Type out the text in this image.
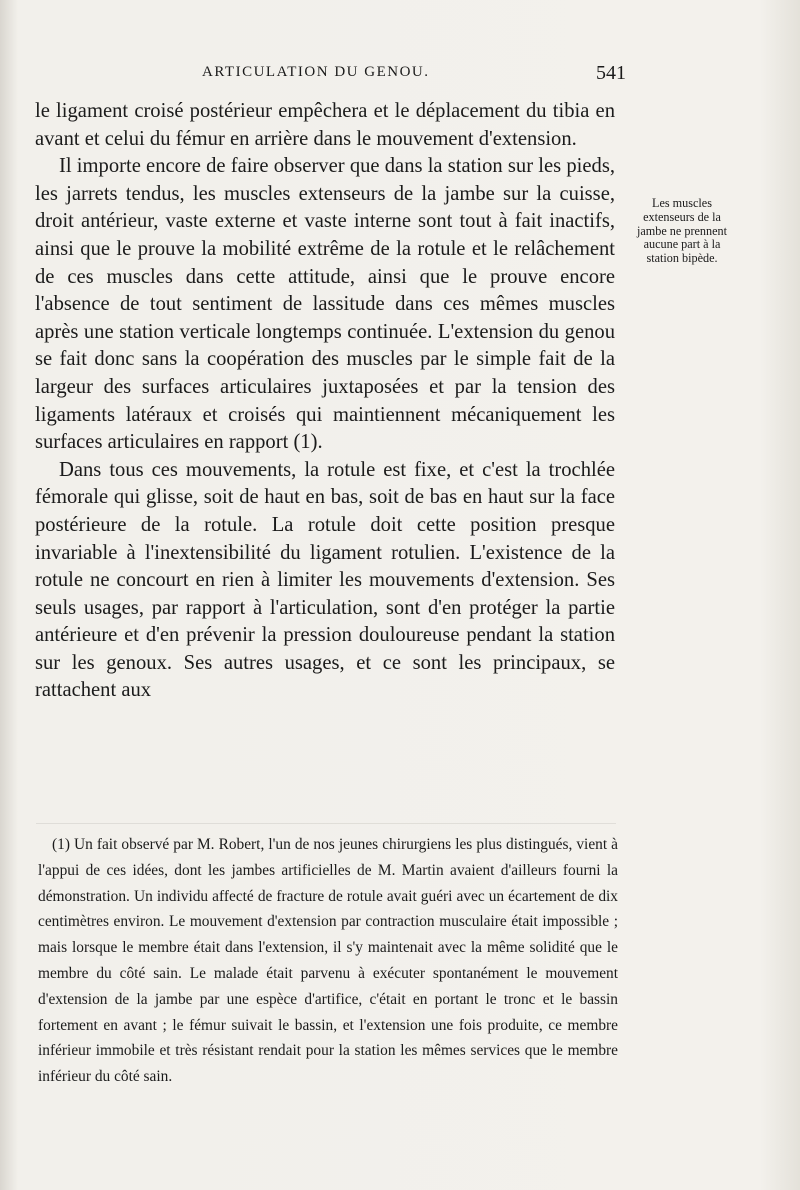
ARTICULATION DU GENOU.	541

le ligament croisé postérieur empêchera et le déplacement du tibia en avant et celui du fémur en arrière dans le mouvement d'extension.

Il importe encore de faire observer que dans la station sur les pieds, les jarrets tendus, les muscles extenseurs de la jambe sur la cuisse, droit antérieur, vaste externe et vaste interne sont tout à fait inactifs, ainsi que le prouve la mobilité extrême de la rotule et le relâchement de ces muscles dans cette attitude, ainsi que le prouve encore l'absence de tout sentiment de lassitude dans ces mêmes muscles après une station verticale longtemps continuée. L'extension du genou se fait donc sans la coopération des muscles par le simple fait de la largeur des surfaces articulaires juxtaposées et par la tension des ligaments latéraux et croisés qui maintiennent mécaniquement les surfaces articulaires en rapport (1).

Dans tous ces mouvements, la rotule est fixe, et c'est la trochlée fémorale qui glisse, soit de haut en bas, soit de bas en haut sur la face postérieure de la rotule. La rotule doit cette position presque invariable à l'inextensibilité du ligament rotulien. L'existence de la rotule ne concourt en rien à limiter les mouvements d'extension. Ses seuls usages, par rapport à l'articulation, sont d'en protéger la partie antérieure et d'en prévenir la pression douloureuse pendant la station sur les genoux. Ses autres usages, et ce sont les principaux, se rattachent aux

Les muscles extenseurs de la jambe ne prennent aucune part à la station bipède.

(1) Un fait observé par M. Robert, l'un de nos jeunes chirurgiens les plus distingués, vient à l'appui de ces idées, dont les jambes artificielles de M. Martin avaient d'ailleurs fourni la démonstration. Un individu affecté de fracture de rotule avait guéri avec un écartement de dix centimètres environ. Le mouvement d'extension par contraction musculaire était impossible ; mais lorsque le membre était dans l'extension, il s'y maintenait avec la même solidité que le membre du côté sain. Le malade était parvenu à exécuter spontanément le mouvement d'extension de la jambe par une espèce d'artifice, c'était en portant le tronc et le bassin fortement en avant ; le fémur suivait le bassin, et l'extension une fois produite, ce membre inférieur immobile et très résistant rendait pour la station les mêmes services que le membre inférieur du côté sain.
